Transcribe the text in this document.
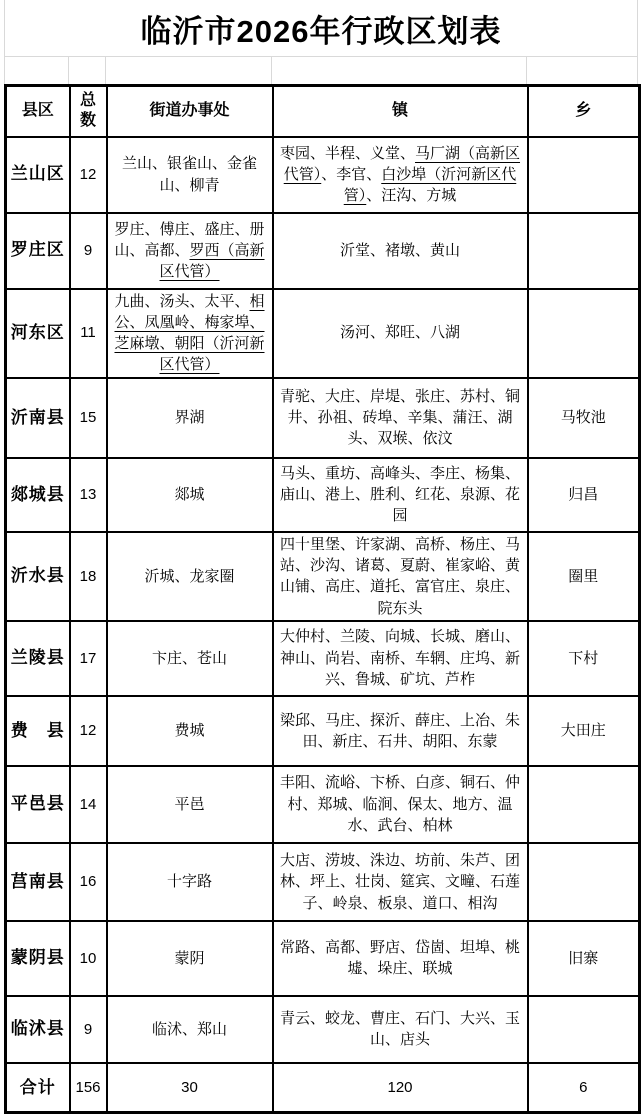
临沂市2026年行政区划表
县区	总数	街道办事处	镇	乡
兰山区	12	兰山、银雀山、金雀山、柳青	枣园、半程、义堂、马厂湖（高新区代管）、李官、白沙埠（沂河新区代管）、汪沟、方城	
罗庄区	9	罗庄、傅庄、盛庄、册山、高都、罗西（高新区代管）	沂堂、褚墩、黄山	
河东区	11	九曲、汤头、太平、相公、凤凰岭、梅家埠、芝麻墩、朝阳（沂河新区代管）	汤河、郑旺、八湖	
沂南县	15	界湖	青驼、大庄、岸堤、张庄、苏村、铜井、孙祖、砖埠、辛集、蒲汪、湖头、双堠、依汶	马牧池
郯城县	13	郯城	马头、重坊、高峰头、李庄、杨集、庙山、港上、胜利、红花、泉源、花园	归昌
沂水县	18	沂城、龙家圈	四十里堡、许家湖、高桥、杨庄、马站、沙沟、诸葛、夏蔚、崔家峪、黄山铺、高庄、道托、富官庄、泉庄、院东头	圈里
兰陵县	17	卞庄、苍山	大仲村、兰陵、向城、长城、磨山、神山、尚岩、南桥、车辋、庄坞、新兴、鲁城、矿坑、芦柞	下村
费　县	12	费城	梁邱、马庄、探沂、薛庄、上冶、朱田、新庄、石井、胡阳、东蒙	大田庄
平邑县	14	平邑	丰阳、流峪、卞桥、白彦、铜石、仲村、郑城、临涧、保太、地方、温水、武台、柏林	
莒南县	16	十字路	大店、涝坡、洙边、坊前、朱芦、团林、坪上、壮岗、筵宾、文疃、石莲子、岭泉、板泉、道口、相沟	
蒙阴县	10	蒙阴	常路、高都、野店、岱崮、坦埠、桃墟、垛庄、联城	旧寨
临沭县	9	临沭、郑山	青云、蛟龙、曹庄、石门、大兴、玉山、店头	
合计	156	30	120	6
